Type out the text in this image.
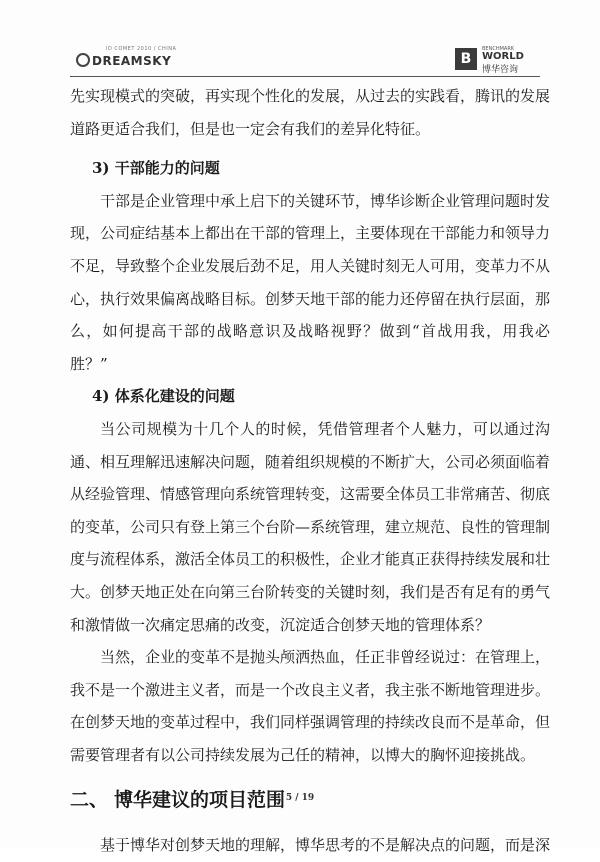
ID COMET 2010 / CHINA
DREAMSKY	B
BENCHMARK
WORLD
博华咨询

先实现模式的突破，再实现个性化的发展，从过去的实践看，腾讯的发展道路更适合我们，但是也一定会有我们的差异化特征。

3) 干部能力的问题

干部是企业管理中承上启下的关键环节，博华诊断企业管理问题时发现，公司症结基本上都出在干部的管理上，主要体现在干部能力和领导力不足，导致整个企业发展后劲不足，用人关键时刻无人可用，变革力不从心，执行效果偏离战略目标。创梦天地干部的能力还停留在执行层面，那么，如何提高干部的战略意识及战略视野？做到“首战用我，用我必胜？”

4) 体系化建设的问题

当公司规模为十几个人的时候，凭借管理者个人魅力，可以通过沟通、相互理解迅速解决问题，随着组织规模的不断扩大，公司必须面临着从经验管理、情感管理向系统管理转变，这需要全体员工非常痛苦、彻底的变革，公司只有登上第三个台阶—系统管理，建立规范、良性的管理制度与流程体系，激活全体员工的积极性，企业才能真正获得持续发展和壮大。创梦天地正处在向第三台阶转变的关键时刻，我们是否有足有的勇气和激情做一次痛定思痛的改变，沉淀适合创梦天地的管理体系？

当然，企业的变革不是抛头颅洒热血，任正非曾经说过：在管理上，我不是一个激进主义者，而是一个改良主义者，我主张不断地管理进步。在创梦天地的变革过程中，我们同样强调管理的持续改良而不是革命，但需要管理者有以公司持续发展为己任的精神，以博大的胸怀迎接挑战。

二、 博华建议的项目范围

基于博华对创梦天地的理解，博华思考的不是解决点的问题，而是深

5 / 19
